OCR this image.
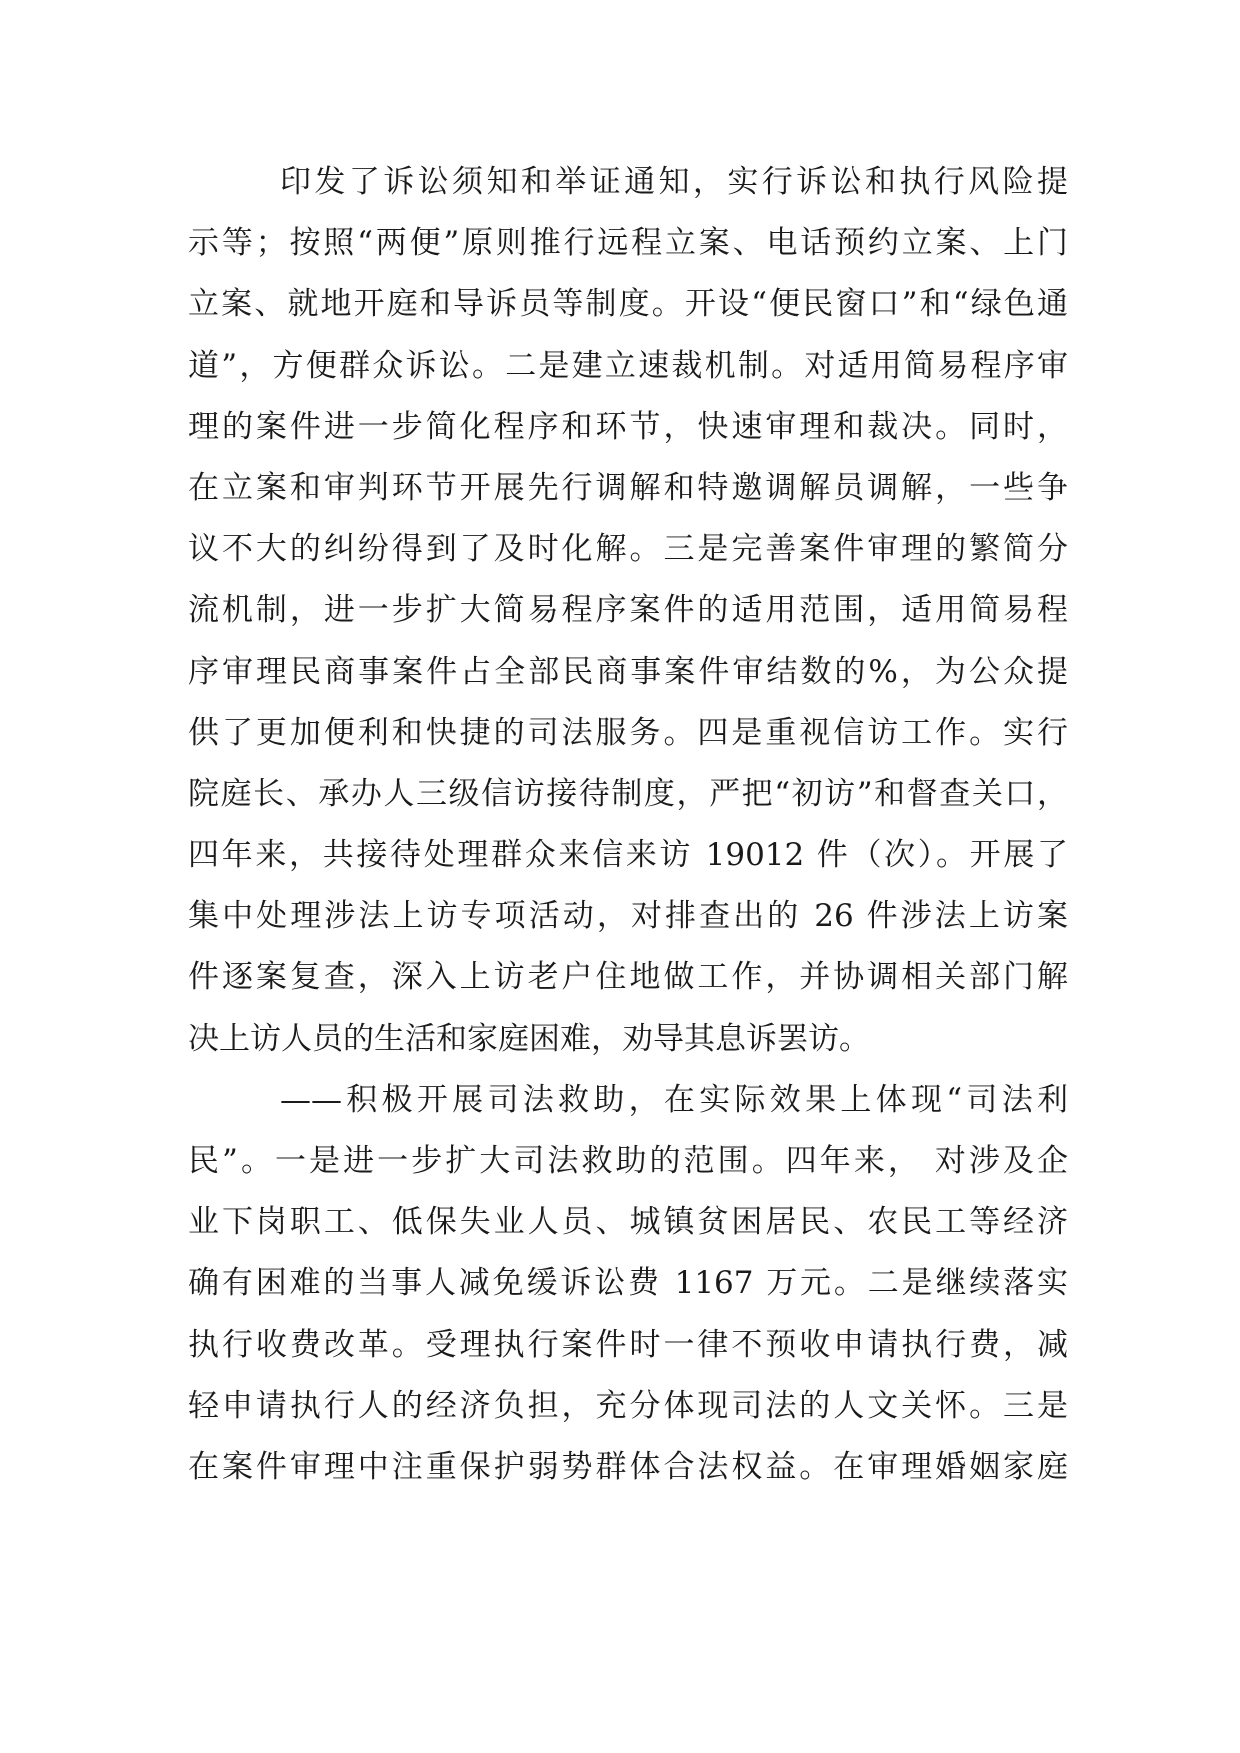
印发了诉讼须知和举证通知，实行诉讼和执行风险提
示等；按照“两便”原则推行远程立案、电话预约立案、上门
立案、就地开庭和导诉员等制度。开设“便民窗口”和“绿色通
道”，方便群众诉讼。二是建立速裁机制。对适用简易程序审
理的案件进一步简化程序和环节，快速审理和裁决。同时，
在立案和审判环节开展先行调解和特邀调解员调解，一些争
议不大的纠纷得到了及时化解。三是完善案件审理的繁简分
流机制，进一步扩大简易程序案件的适用范围，适用简易程
序审理民商事案件占全部民商事案件审结数的%，为公众提
供了更加便利和快捷的司法服务。四是重视信访工作。实行
院庭长、承办人三级信访接待制度，严把“初访”和督查关口，
四年来，共接待处理群众来信来访 19012 件（次）。开展了
集中处理涉法上访专项活动，对排查出的 26 件涉法上访案
件逐案复查，深入上访老户住地做工作，并协调相关部门解
决上访人员的生活和家庭困难，劝导其息诉罢访。
——积极开展司法救助，在实际效果上体现“司法利
民”。一是进一步扩大司法救助的范围。四年来， 对涉及企
业下岗职工、低保失业人员、城镇贫困居民、农民工等经济
确有困难的当事人减免缓诉讼费 1167 万元。二是继续落实
执行收费改革。受理执行案件时一律不预收申请执行费，减
轻申请执行人的经济负担，充分体现司法的人文关怀。三是
在案件审理中注重保护弱势群体合法权益。在审理婚姻家庭
